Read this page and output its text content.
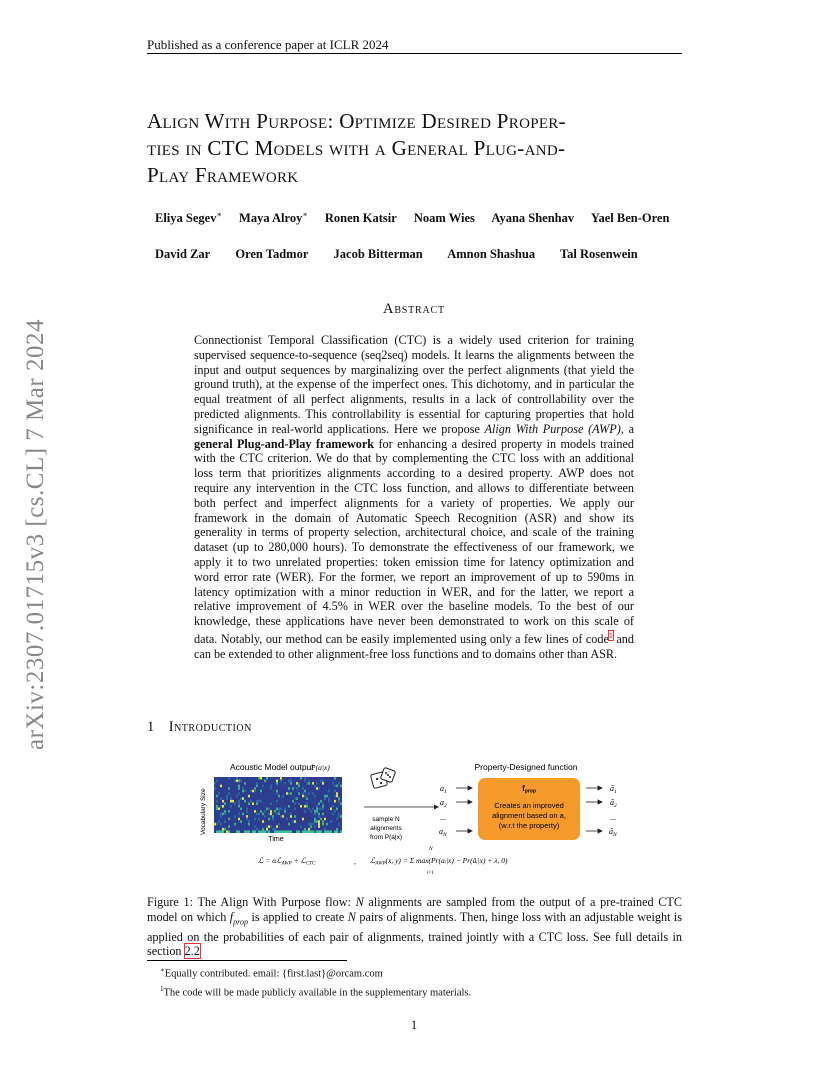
Published as a conference paper at ICLR 2024
Align With Purpose: Optimize Desired Proper-
ties in CTC Models with a General Plug-and-
Play Framework
Eliya Segev∗ Maya Alroy∗ Ronen Katsir Noam Wies Ayana Shenhav Yael Ben-Oren
David Zar Oren Tadmor Jacob Bitterman Amnon Shashua Tal Rosenwein
arXiv:2307.01715v3 [cs.CL] 7 Mar 2024
Abstract
Connectionist Temporal Classification (CTC) is a widely used criterion for training supervised sequence-to-sequence (seq2seq) models. It learns the alignments between the input and output sequences by marginalizing over the perfect alignments (that yield the ground truth), at the expense of the imperfect ones. This dichotomy, and in particular the equal treatment of all perfect alignments, results in a lack of controllability over the predicted alignments. This controllability is essential for capturing properties that hold significance in real-world applications. Here we propose Align With Purpose (AWP), a general Plug-and-Play framework for enhancing a desired property in models trained with the CTC criterion. We do that by complementing the CTC loss with an additional loss term that prioritizes alignments according to a desired property. AWP does not require any intervention in the CTC loss function, and allows to differentiate between both perfect and imperfect alignments for a variety of properties. We apply our framework in the domain of Automatic Speech Recognition (ASR) and show its generality in terms of property selection, architectural choice, and scale of the training dataset (up to 280,000 hours). To demonstrate the effectiveness of our framework, we apply it to two unrelated properties: token emission time for latency optimization and word error rate (WER). For the former, we report an improvement of up to 590ms in latency optimization with a minor reduction in WER, and for the latter, we report a relative improvement of 4.5% in WER over the baseline models. To the best of our knowledge, these applications have never been demonstrated to work on this scale of data. Notably, our method can be easily implemented using only a few lines of code$^1$ and can be extended to other alignment-free loss functions and to domains other than ASR.
1 Introduction
Acoustic Model output
P(a|x)
Vocabulary Size
Time
sample N
alignments
from P(a|x)
Property-Designed function
$a_1$
$a_2$
...
$a_N$
fprop
Creates an improved
alignment based on a,
(w.r.t the property)
$ã_1$
$ã_2$
...
$ã_N$
ℒ = αℒ$_{AWP}$ + ℒ$_{CTC}$	,
N
i=1
ℒ$_{AWP}$(x, y) = Σ max(Pr(aᵢ|x) − Pr(ãᵢ|x) + λ, 0)
Figure 1: The Align With Purpose flow: N alignments are sampled from the output of a pre-trained CTC model on which $f_{prop}$ is applied to create N pairs of alignments. Then, hinge loss with an adjustable weight is applied on the probabilities of each pair of alignments, trained jointly with a CTC loss. See full details in section 2.2
∗Equally contributed. email: {first.last}@orcam.com
$^1$The code will be made publicly available in the supplementary materials.
1
